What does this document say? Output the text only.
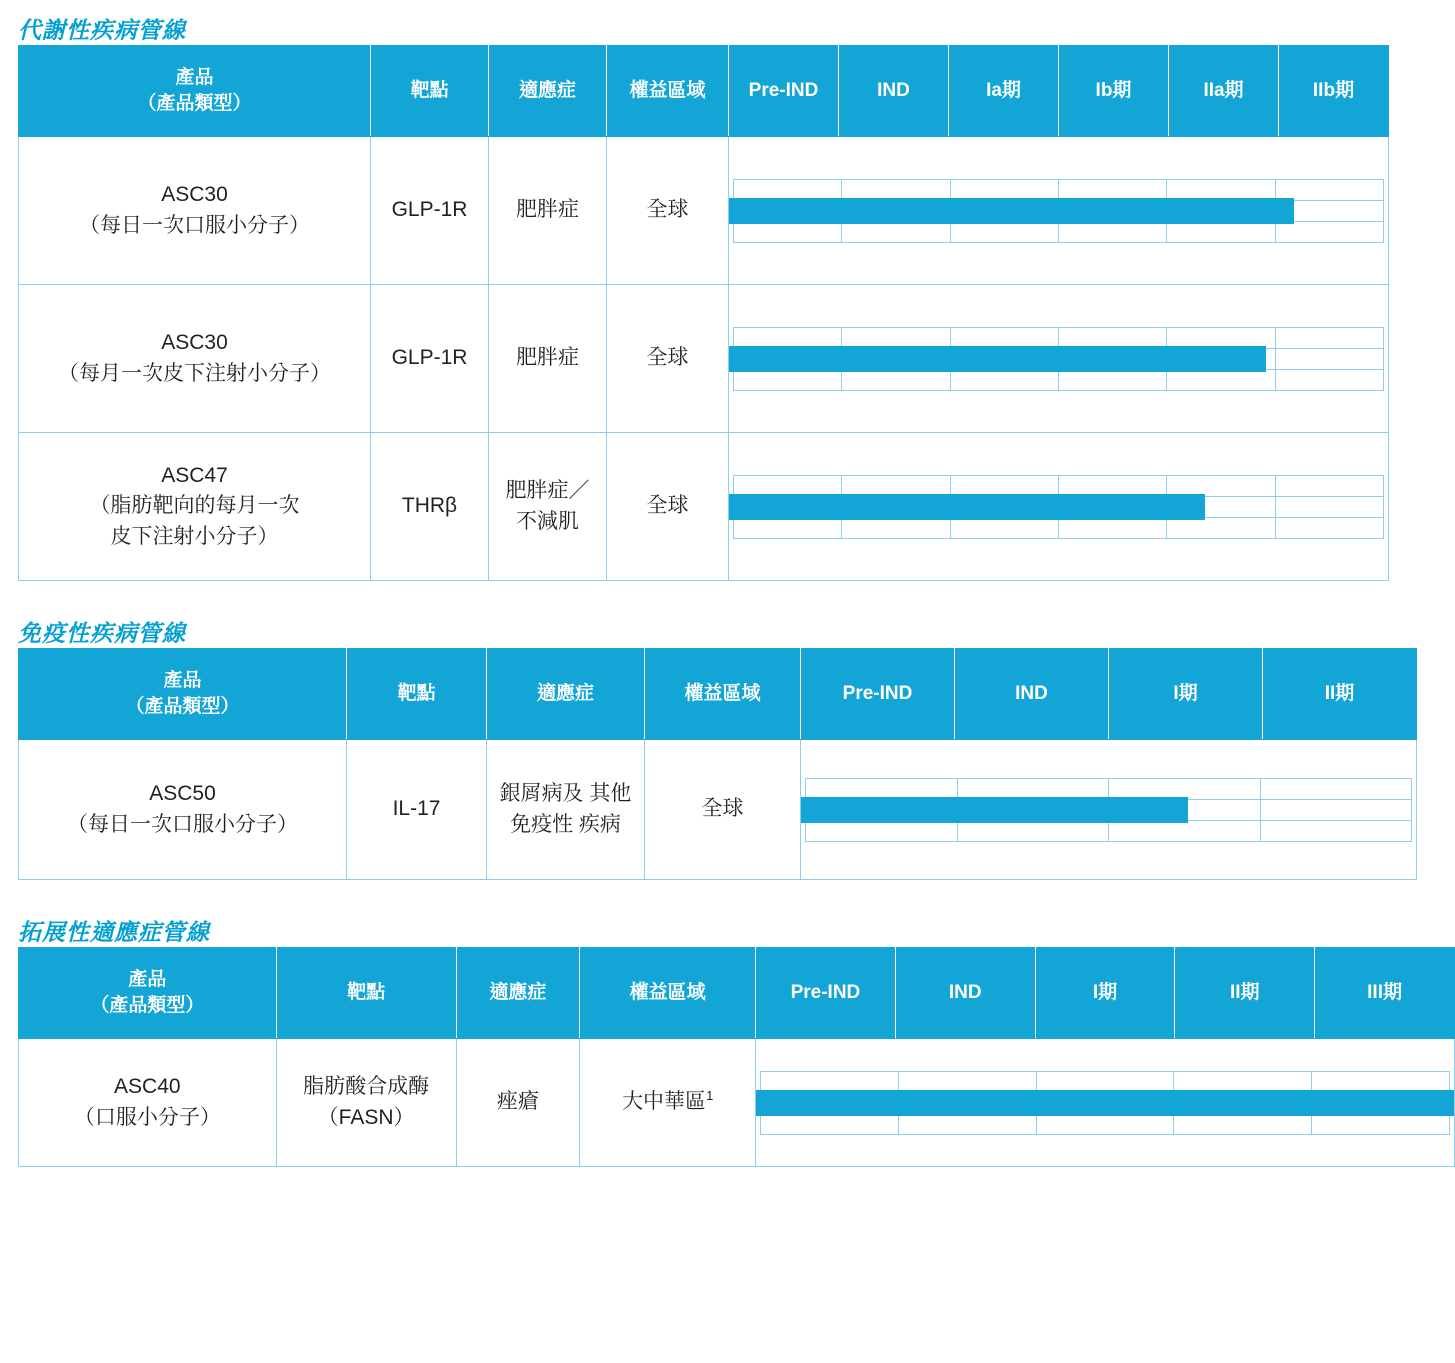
代謝性疾病管線
產品
（產品類型）
	靶點	適應症	權益區域	Pre-IND	IND	Ia期	Ib期	IIa期	IIb期

ASC30
（每日一次口服小分子）
	GLP-1R	肥胖症	全球	

ASC30
（每月一次皮下注射小分子）
	GLP-1R	肥胖症	全球	

ASC47
（脂肪靶向的每月一次
皮下注射小分子）
	THRβ	肥胖症／ 不減肌	全球	

免疫性疾病管線
產品
（產品類型）
	靶點	適應症	權益區域	Pre-IND	IND	I期	II期

ASC50
（每日一次口服小分子）
	IL-17	銀屑病及 其他免疫性 疾病	全球	

拓展性適應症管線
產品
（產品類型）
	靶點	適應症	權益區域	Pre-IND	IND	I期	II期	III期

ASC40
（口服小分子）
	脂肪酸合成酶 （FASN）	痤瘡	大中華區$^1$	
